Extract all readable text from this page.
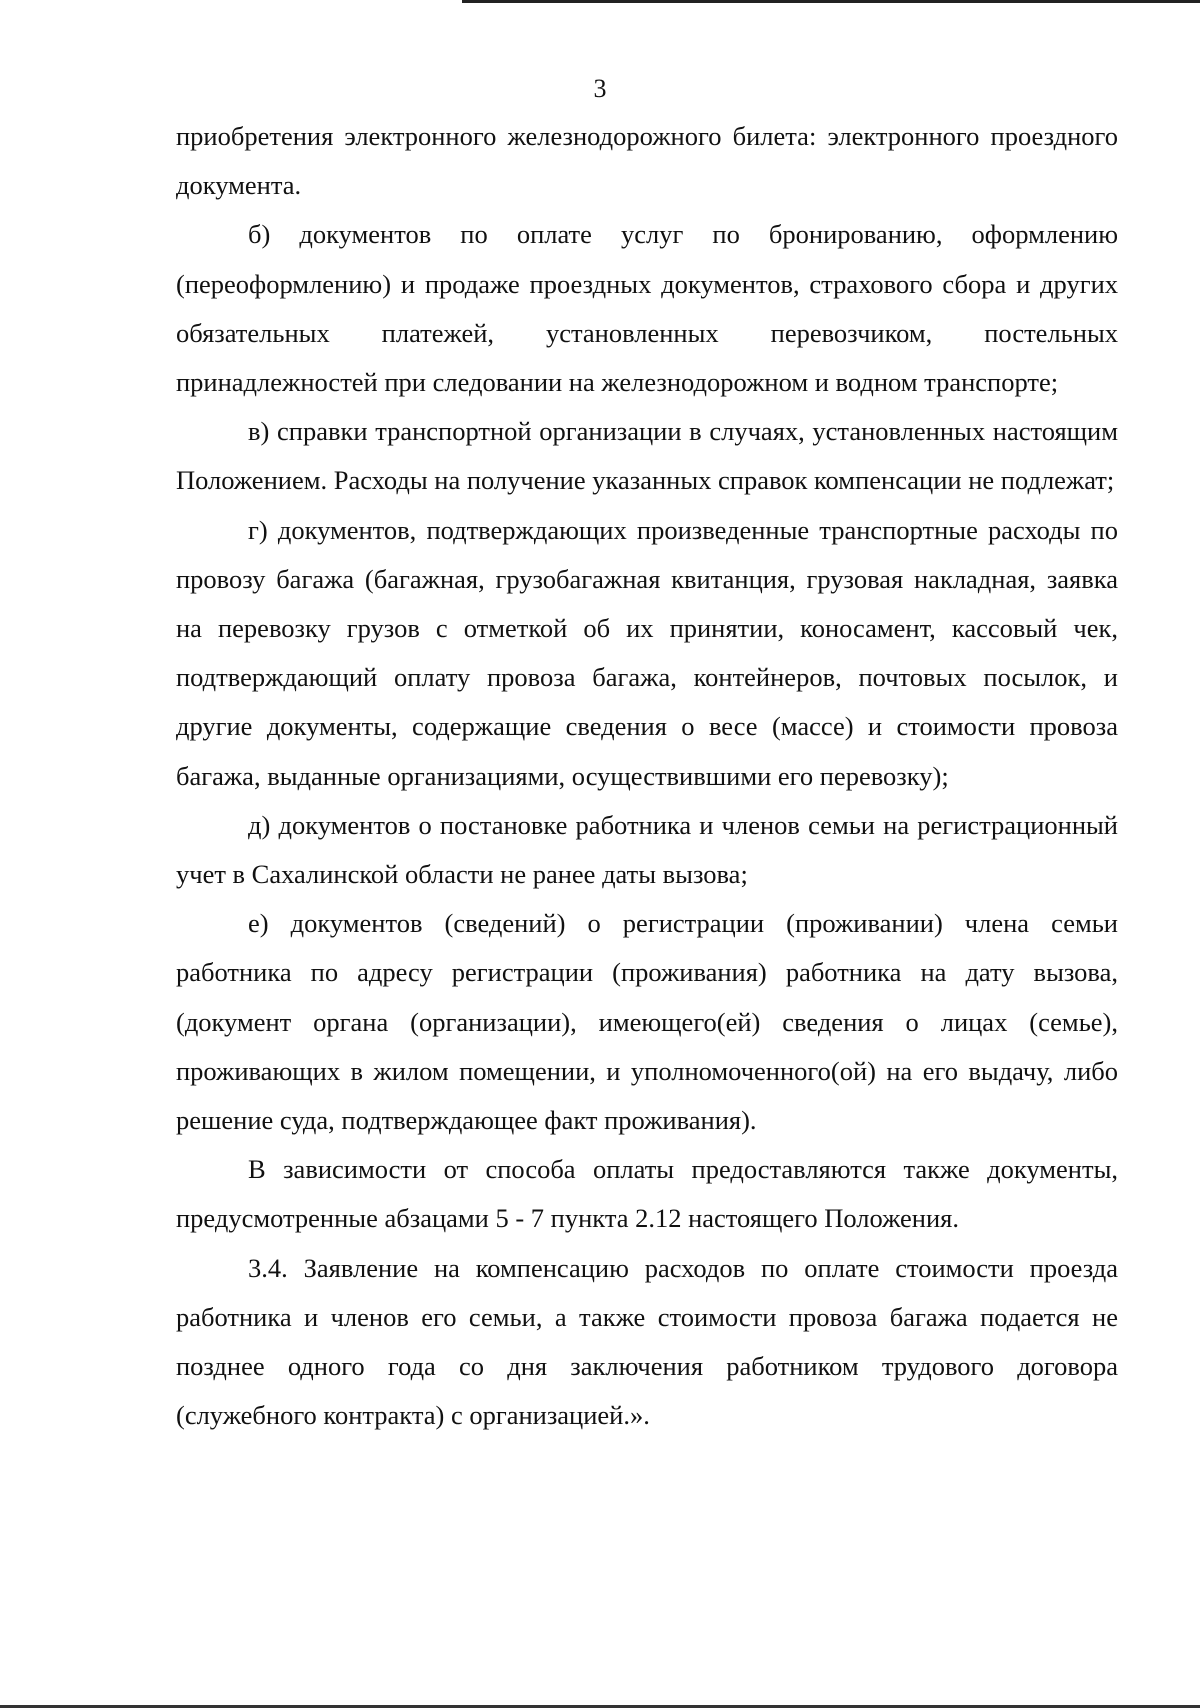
3

приобретения электронного железнодорожного билета: электронного проездного документа.

б) документов по оплате услуг по бронированию, оформлению (переоформлению) и продаже проездных документов, страхового сбора и других обязательных платежей, установленных перевозчиком, постельных принадлежностей при следовании на железнодорожном и водном транспорте;

в) справки транспортной организации в случаях, установленных настоящим Положением. Расходы на получение указанных справок компенсации не подлежат;

г) документов, подтверждающих произведенные транспортные расходы по провозу багажа (багажная, грузобагажная квитанция, грузовая накладная, заявка на перевозку грузов с отметкой об их принятии, коносамент, кассовый чек, подтверждающий оплату провоза багажа, контейнеров, почтовых посылок, и другие документы, содержащие сведения о весе (массе) и стоимости провоза багажа, выданные организациями, осуществившими его перевозку);

д) документов о постановке работника и членов семьи на регистрационный учет в Сахалинской области не ранее даты вызова;

е) документов (сведений) о регистрации (проживании) члена семьи работника по адресу регистрации (проживания) работника на дату вызова, (документ органа (организации), имеющего(ей) сведения о лицах (семье), проживающих в жилом помещении, и уполномоченного(ой) на его выдачу, либо решение суда, подтверждающее факт проживания).

В зависимости от способа оплаты предоставляются также документы, предусмотренные абзацами 5 - 7 пункта 2.12 настоящего Положения.

3.4. Заявление на компенсацию расходов по оплате стоимости проезда работника и членов его семьи, а также стоимости провоза багажа подается не позднее одного года со дня заключения работником трудового договора (служебного контракта) с организацией.».
